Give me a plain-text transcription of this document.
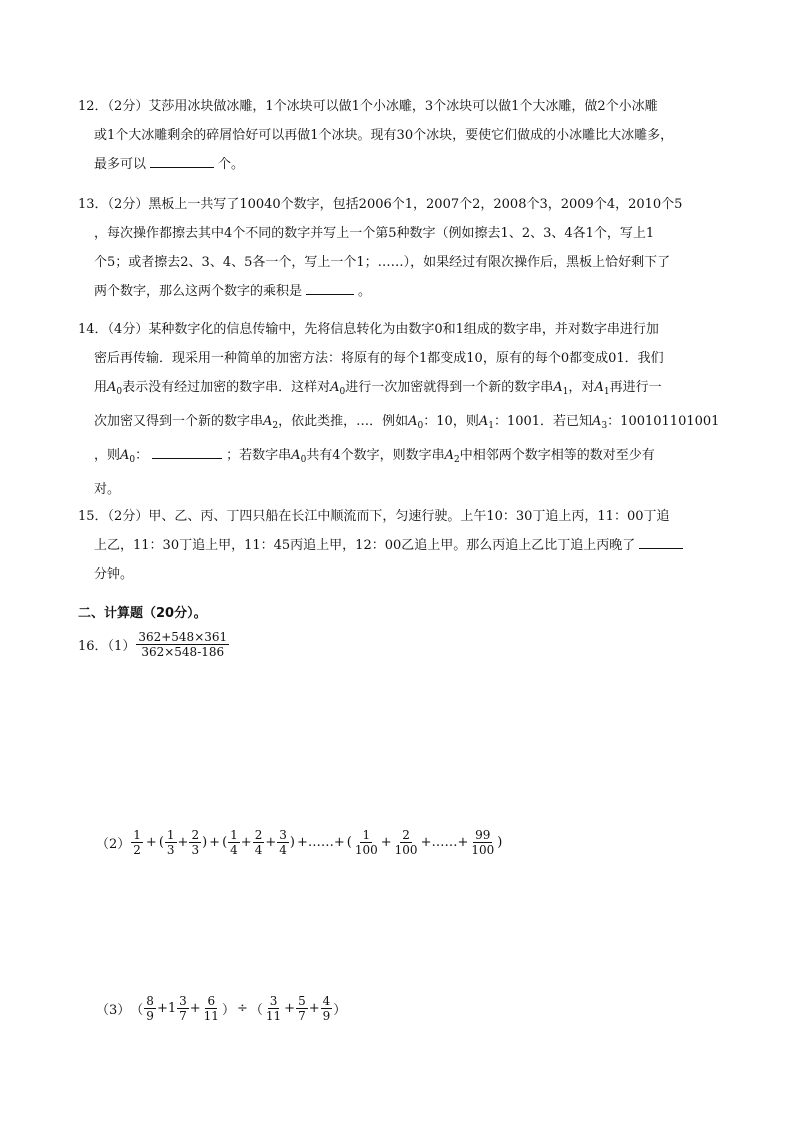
12．（2分）艾莎用冰块做冰雕，1个冰块可以做1个小冰雕，3个冰块可以做1个大冰雕，做2个小冰雕
或1个大冰雕剩余的碎屑恰好可以再做1个冰块。现有30个冰块，要使它们做成的小冰雕比大冰雕多，
最多可以	个。
13．（2分）黑板上一共写了10040个数字，包括2006个1，2007个2，2008个3，2009个4，2010个5
，每次操作都擦去其中4个不同的数字并写上一个第5种数字（例如擦去1、2、3、4各1个，写上1
个5；或者擦去2、3、4、5各一个，写上一个1；……），如果经过有限次操作后，黑板上恰好剩下了
两个数字，那么这两个数字的乘积是	。
14．（4分）某种数字化的信息传输中，先将信息转化为由数字0和1组成的数字串，并对数字串进行加
密后再传输．现采用一种简单的加密方法：将原有的每个1都变成10，原有的每个0都变成01．我们
用$A_0$表示没有经过加密的数字串．这样对$A_0$进行一次加密就得到一个新的数字串$A_1$，对$A_1$再进行一
次加密又得到一个新的数字串$A_2$，依此类推，…．例如$A_0$：10，则$A_1$：1001．若已知$A_3$：100101101001
，则$A_0$：	；若数字串$A_0$共有4个数字，则数字串$A_2$中相邻两个数字相等的数对至少有
对。
15．（2分）甲、乙、丙、丁四只船在长江中顺流而下，匀速行驶。上午10：30丁追上丙，11：00丁追
上乙，11：30丁追上甲，11：45丙追上甲，12：00乙追上甲。那么丙追上乙比丁追上丙晚了
分钟。
二、计算题（20分）。
16．$(1) \frac{362+548\times 361}{362\times 548-186}$
$(2) \frac{1}{2}$ + ( $\frac{1}{3} + \frac{2}{3}$ ) + ( $\frac{1}{4} + \frac{2}{4} + \frac{3}{4}$ ) +……+ ( $\frac{1}{100} + \frac{2}{100}$ +……+ $\frac{99}{100}$ )
（3） （ $\frac{8}{9} + 1 \frac{3}{7} + \frac{6}{11}$ ） ÷ （ $\frac{3}{11} + \frac{5}{7} + \frac{4}{9}$ ）
